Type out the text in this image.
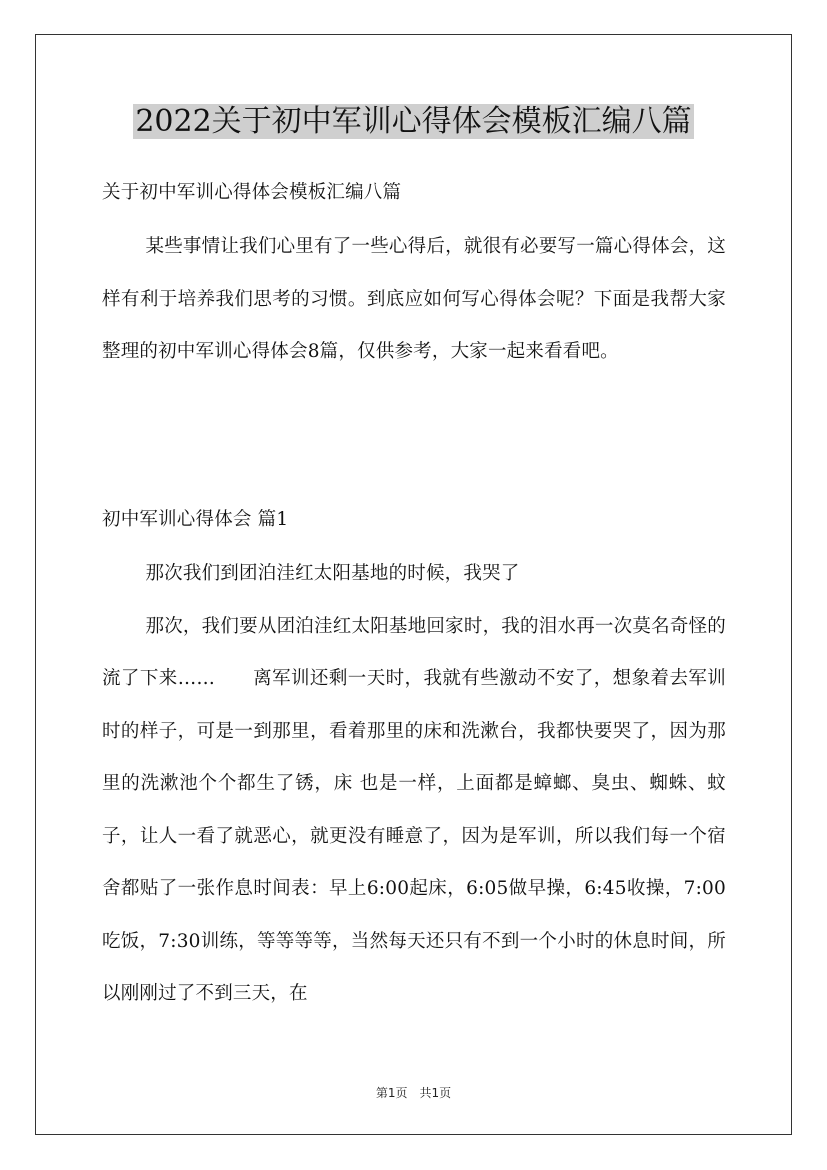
2022关于初中军训心得体会模板汇编八篇
关于初中军训心得体会模板汇编八篇

某些事情让我们心里有了一些心得后，就很有必要写一篇心得体会，这样有利于培养我们思考的习惯。到底应如何写心得体会呢？下面是我帮大家整理的初中军训心得体会8篇，仅供参考，大家一起来看看吧。

初中军训心得体会 篇1

那次我们到团泊洼红太阳基地的时候，我哭了

那次，我们要从团泊洼红太阳基地回家时，我的泪水再一次莫名奇怪的流了下来……　　离军训还剩一天时，我就有些激动不安了，想象着去军训时的样子，可是一到那里，看着那里的床和洗漱台，我都快要哭了，因为那里的洗漱池个个都生了锈，床 也是一样，上面都是蟑螂、臭虫、蜘蛛、蚊子，让人一看了就恶心，就更没有睡意了，因为是军训，所以我们每一个宿舍都贴了一张作息时间表：早上6:00起床，6:05做早操，6:45收操，7:00吃饭，7:30训练，等等等等，当然每天还只有不到一个小时的休息时间，所以刚刚过了不到三天，在

第1页　共1页
